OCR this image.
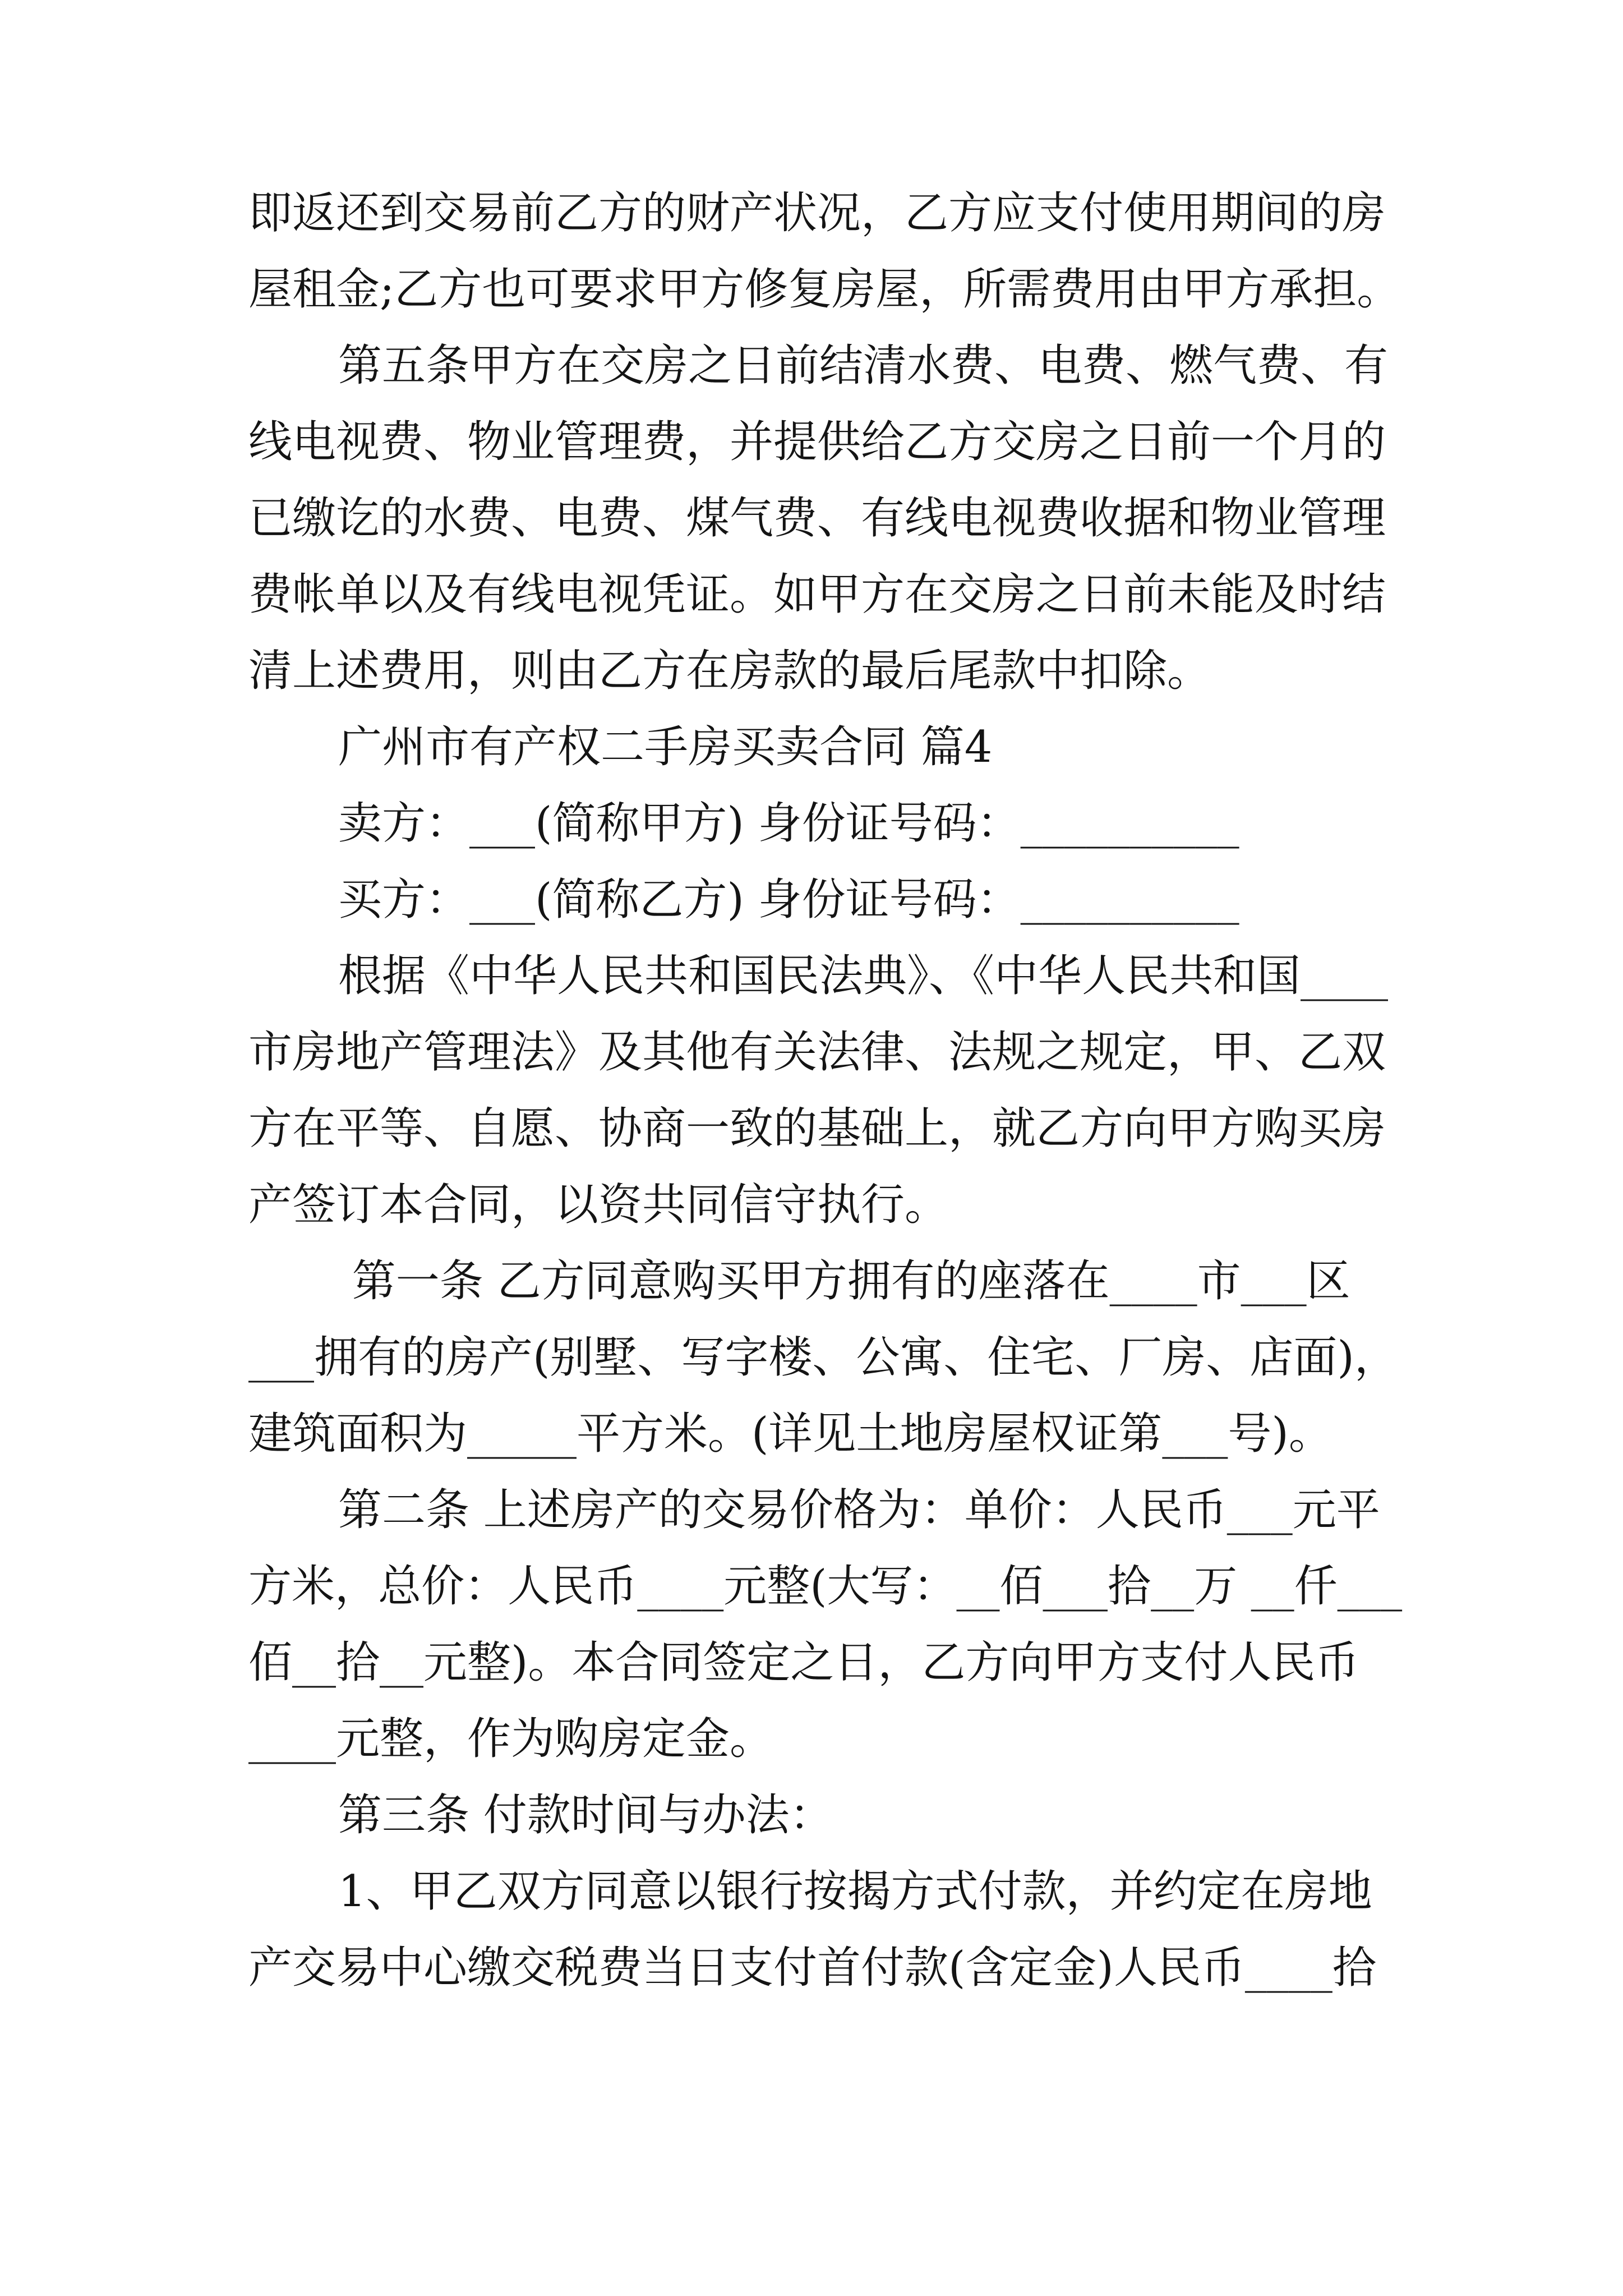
即返还到交易前乙方的财产状况，乙方应支付使用期间的房
屋租金;乙方也可要求甲方修复房屋，所需费用由甲方承担。
第五条甲方在交房之日前结清水费、电费、燃气费、有
线电视费、物业管理费，并提供给乙方交房之日前一个月的
已缴讫的水费、电费、煤气费、有线电视费收据和物业管理
费帐单以及有线电视凭证。如甲方在交房之日前未能及时结
清上述费用，则由乙方在房款的最后尾款中扣除。
广州市有产权二手房买卖合同 篇4
卖方：___(简称甲方) 身份证号码：__________
买方：___(简称乙方) 身份证号码：__________
根据《中华人民共和国民法典》、《中华人民共和国____
市房地产管理法》及其他有关法律、法规之规定，甲、乙双
方在平等、自愿、协商一致的基础上，就乙方向甲方购买房
产签订本合同，以资共同信守执行。
第一条 乙方同意购买甲方拥有的座落在____市___区
___拥有的房产(别墅、写字楼、公寓、住宅、厂房、店面)，
建筑面积为_____平方米。(详见土地房屋权证第___号)。
第二条 上述房产的交易价格为：单价：人民币___元平
方米，总价：人民币____元整(大写：__佰___拾__万 __仟___
佰__拾__元整)。本合同签定之日，乙方向甲方支付人民币
____元整，作为购房定金。
第三条 付款时间与办法：
1、甲乙双方同意以银行按揭方式付款，并约定在房地
产交易中心缴交税费当日支付首付款(含定金)人民币____拾
